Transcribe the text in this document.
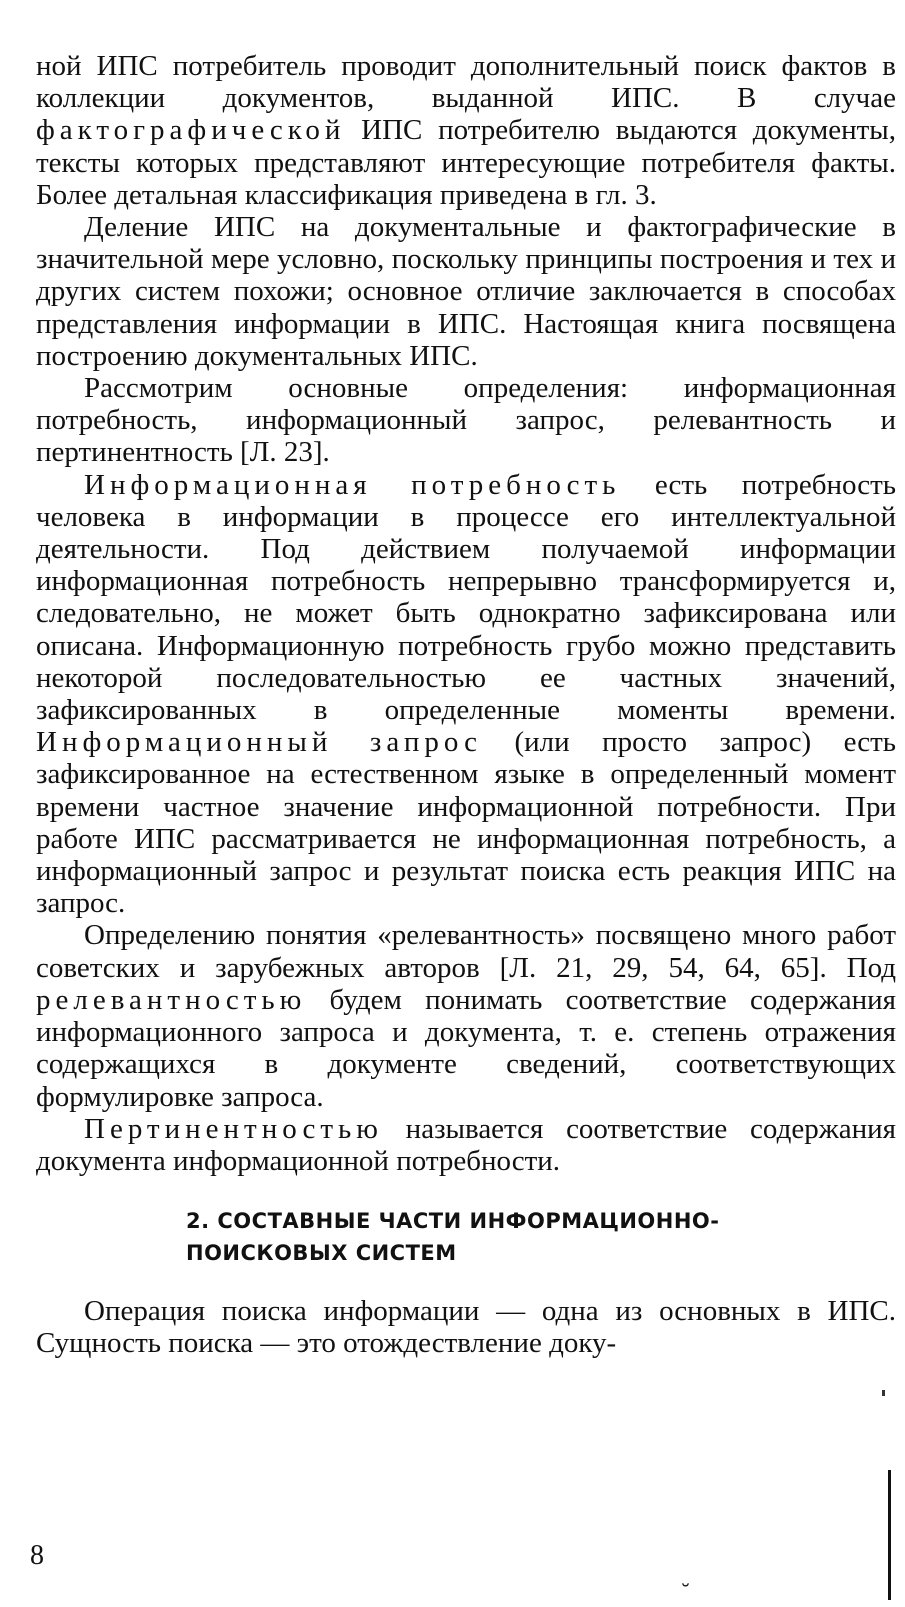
ной ИПС потребитель проводит дополнительный поиск фактов в коллекции документов, выданной ИПС. В случае фактографической ИПС потребителю выдаются документы, тексты которых представляют интересующие потребителя факты. Более детальная классификация приведена в гл. 3.

Деление ИПС на документальные и фактографические в значительной мере условно, поскольку принципы построения и тех и других систем похожи; основное отличие заключается в способах представления информации в ИПС. Настоящая книга посвящена построению документальных ИПС.

Рассмотрим основные определения: информационная потребность, информационный запрос, релевантность и пертинентность [Л. 23].

Информационная потребность есть потребность человека в информации в процессе его интеллектуальной деятельности. Под действием получаемой информации информационная потребность непрерывно трансформируется и, следовательно, не может быть однократно зафиксирована или описана. Информационную потребность грубо можно представить некоторой последовательностью ее частных значений, зафиксированных в определенные моменты времени. Информационный запрос (или просто запрос) есть зафиксированное на естественном языке в определенный момент времени частное значение информационной потребности. При работе ИПС рассматривается не информационная потребность, а информационный запрос и результат поиска есть реакция ИПС на запрос.

Определению понятия «релевантность» посвящено много работ советских и зарубежных авторов [Л. 21, 29, 54, 64, 65]. Под релевантностью будем понимать соответствие содержания информационного запроса и документа, т. е. степень отражения содержащихся в документе сведений, соответствующих формулировке запроса.

Пертинентностью называется соответствие содержания документа информационной потребности.

2. СОСТАВНЫЕ ЧАСТИ ИНФОРМАЦИОННО-
ПОИСКОВЫХ СИСТЕМ

Операция поиска информации — одна из основных в ИПС. Сущность поиска — это отождествление доку-

8
˘
